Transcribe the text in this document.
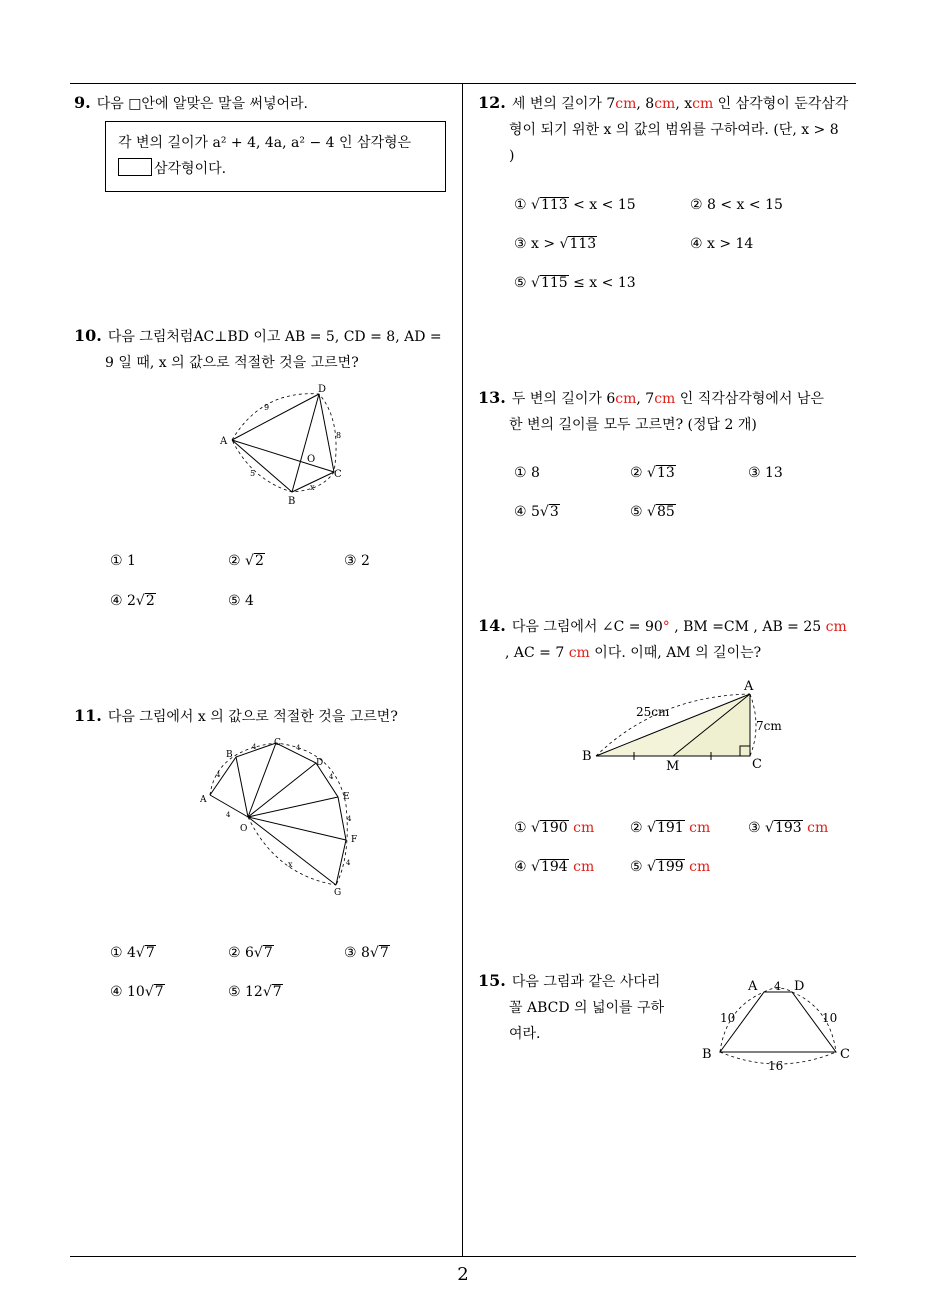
9. 다음 □안에 알맞은 말을 써넣어라.
각 변의 길이가 a² + 4, 4a, a² − 4 인 삼각형은
삼각형이다.
10. 다음 그림처럼AC⊥BD 이고 AB = 5, CD = 8, AD =
9 일 때, x 의 값으로 적절한 것을 고르면?
A
B
C
D
O
9
5
8
x
① 1	② √2	③ 2
④ 2√2	⑤ 4
11. 다음 그림에서 x 의 값으로 적절한 것을 고르면?
A
B
C
D
E
F
G
O
x
4	4
4
4
4
4
4
① 4√7	② 6√7	③ 8√7
④ 10√7	⑤ 12√7
12. 세 변의 길이가 7cm, 8cm, xcm 인 삼각형이 둔각삼각
형이 되기 위한 x 의 값의 범위를 구하여라. (단, x > 8
)
① √113 < x < 15	② 8 < x < 15
③ x > √113	④ x > 14
⑤ √115 ≤ x < 13
13. 두 변의 길이가 6cm, 7cm 인 직각삼각형에서 남은
한 변의 길이를 모두 고르면? (정답 2 개)
① 8	② √13	③ 13
④ 5√3	⑤ √85
14. 다음 그림에서 ∠C = 90° , BM =CM , AB = 25 cm
, AC = 7 cm 이다. 이때, AM 의 길이는?
A
B
C
M
25cm
7cm
① √190 cm	② √191 cm	③ √193 cm
④ √194 cm	⑤ √199 cm
15. 다음 그림과 같은 사다리
꼴 ABCD 의 넓이를 구하
여라.
A	D
B	C
4
10	10
16
2
